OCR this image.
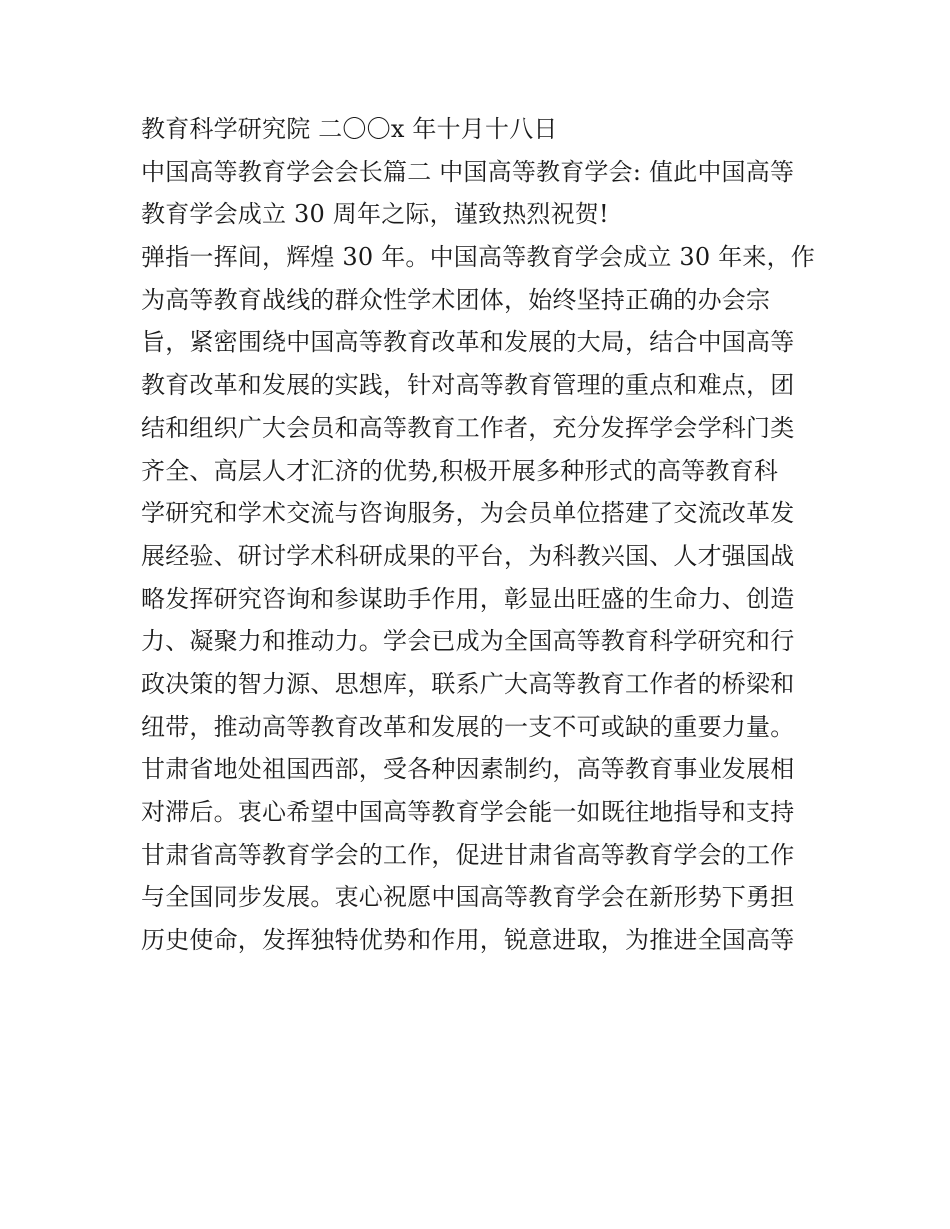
教育科学研究院 二〇〇x 年十月十八日
中国高等教育学会会长篇二 中国高等教育学会: 值此中国高等
教育学会成立 30 周年之际，谨致热烈祝贺!
弹指一挥间，辉煌 30 年。中国高等教育学会成立 30 年来，作
为高等教育战线的群众性学术团体，始终坚持正确的办会宗
旨，紧密围绕中国高等教育改革和发展的大局，结合中国高等
教育改革和发展的实践，针对高等教育管理的重点和难点，团
结和组织广大会员和高等教育工作者，充分发挥学会学科门类
齐全、高层人才汇济的优势,积极开展多种形式的高等教育科
学研究和学术交流与咨询服务，为会员单位搭建了交流改革发
展经验、研讨学术科研成果的平台，为科教兴国、人才强国战
略发挥研究咨询和参谋助手作用，彰显出旺盛的生命力、创造
力、凝聚力和推动力。学会已成为全国高等教育科学研究和行
政决策的智力源、思想库，联系广大高等教育工作者的桥梁和
纽带，推动高等教育改革和发展的一支不可或缺的重要力量。
甘肃省地处祖国西部，受各种因素制约，高等教育事业发展相
对滞后。衷心希望中国高等教育学会能一如既往地指导和支持
甘肃省高等教育学会的工作，促进甘肃省高等教育学会的工作
与全国同步发展。衷心祝愿中国高等教育学会在新形势下勇担
历史使命，发挥独特优势和作用，锐意进取，为推进全国高等
